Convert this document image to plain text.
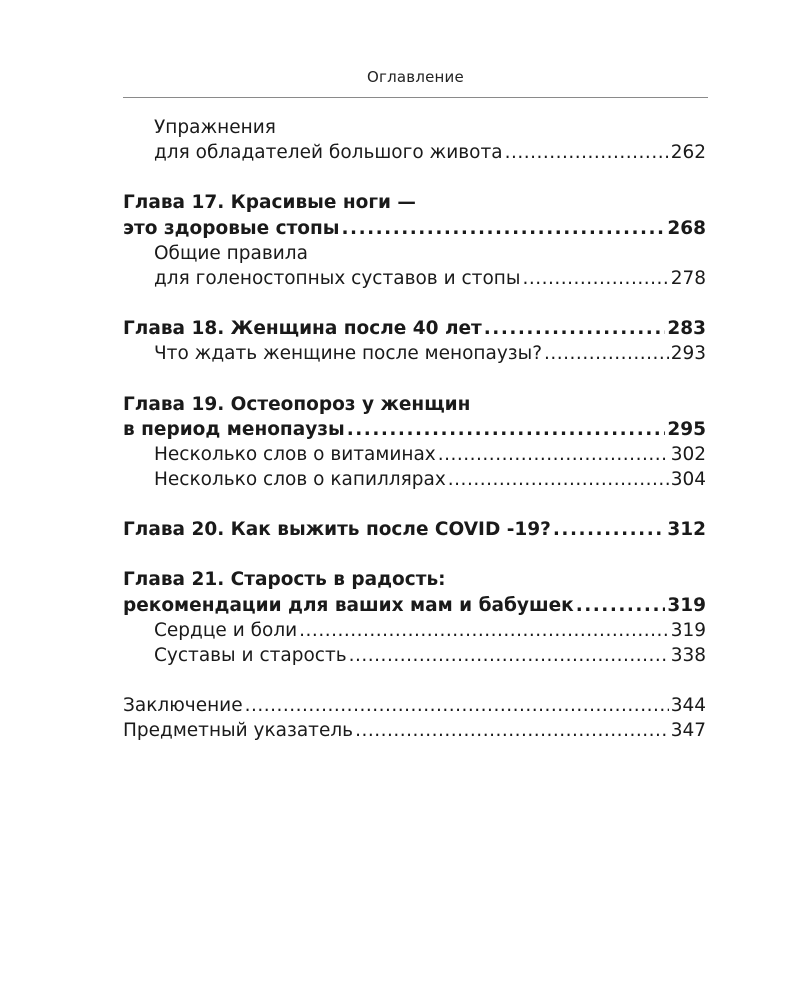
Оглавление
Упражнения
для обладателей большого живота .....	262
Глава 17. Красивые ноги —
это здоровые стопы .....	268
Общие правила
для голеностопных суставов и стопы .....	278
Глава 18. Женщина после 40 лет .....	283
Что ждать женщине после менопаузы? .....	293
Глава 19. Остеопороз у женщин
в период менопаузы .....	295
Несколько слов о витаминах .....	302
Несколько слов о капиллярах .....	304
Глава 20. Как выжить после COVID -19? .....	312
Глава 21. Старость в радость:
рекомендации для ваших мам и бабушек .....	319
Сердце и боли .....	319
Суставы и старость .....	338
Заключение .....	344
Предметный указатель .....	347
